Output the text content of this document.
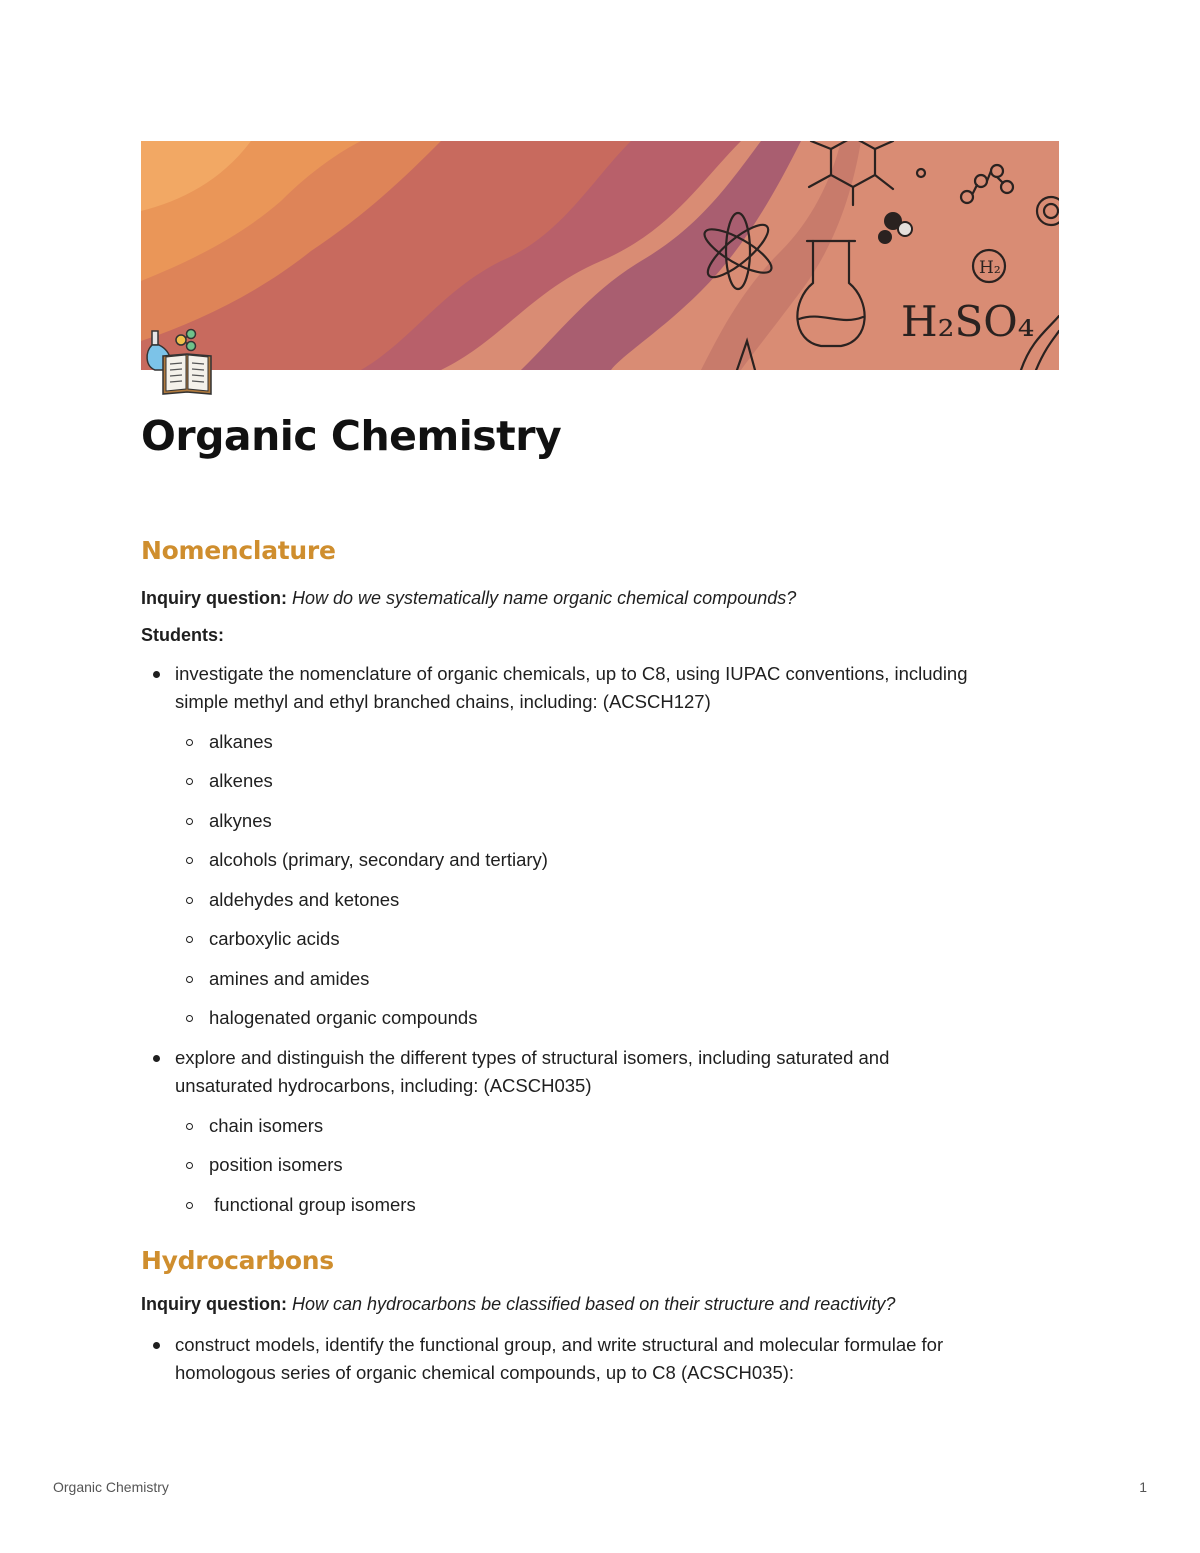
H₂SO₄
H₂
Organic Chemistry
Nomenclature

Inquiry question: How do we systematically name organic chemical compounds?

Students:

investigate the nomenclature of organic chemicals, up to C8, using IUPAC conventions, including

simple methyl and ethyl branched chains, including: (ACSCH127)

alkanes

alkenes

alkynes

alcohols (primary, secondary and tertiary)

aldehydes and ketones

carboxylic acids

amines and amides

halogenated organic compounds

explore and distinguish the different types of structural isomers, including saturated and

unsaturated hydrocarbons, including: (ACSCH035)

chain isomers

position isomers

functional group isomers

Hydrocarbons

Inquiry question: How can hydrocarbons be classified based on their structure and reactivity?

construct models, identify the functional group, and write structural and molecular formulae for

homologous series of organic chemical compounds, up to C8 (ACSCH035):

Organic Chemistry	1
